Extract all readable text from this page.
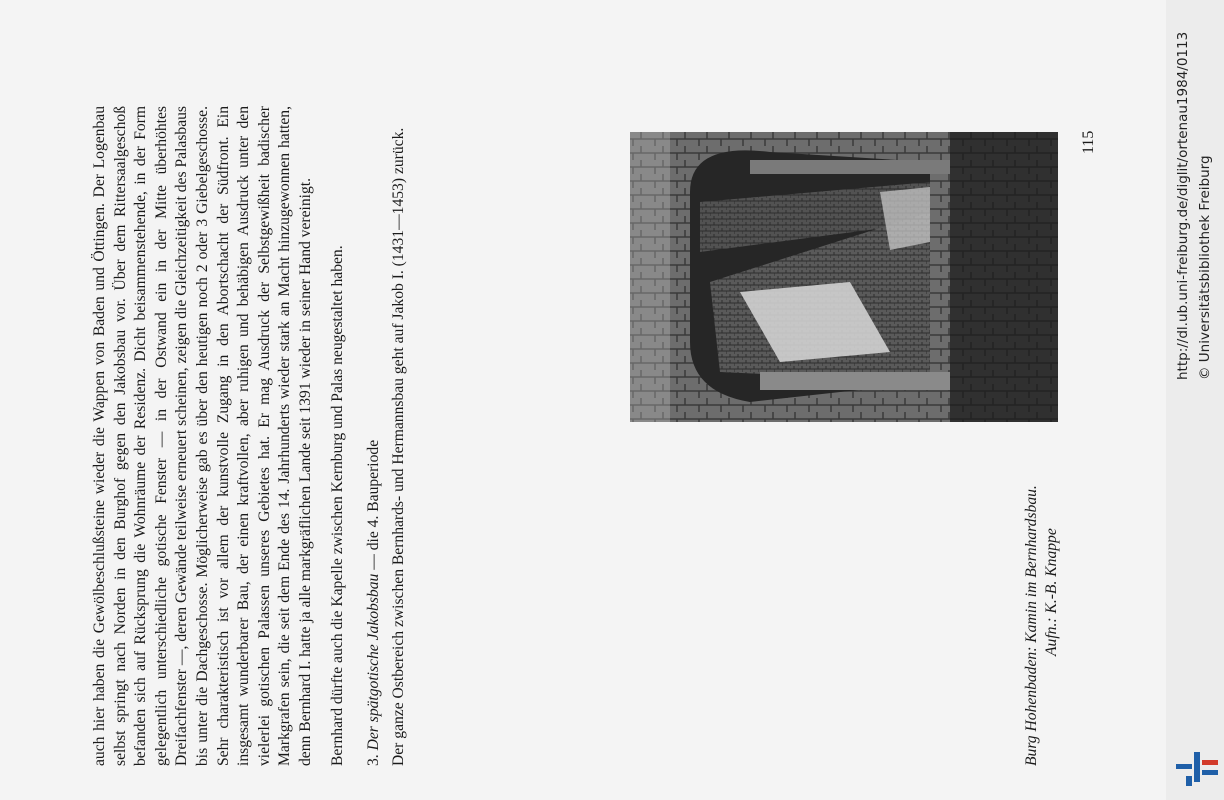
auch hier haben die Gewölbeschlußsteine wieder die Wappen von Baden und Öttingen. Der Logenbau selbst springt nach Norden in den Burghof gegen den Jakobsbau vor. Über dem Rittersaalgeschoß befanden sich auf Rücksprung die Wohnräume der Residenz. Dicht beisammenstehende, in der Form gelegentlich unterschiedliche gotische Fenster — in der Ostwand ein in der Mitte überhöhtes Dreifachfenster —, deren Gewände teilweise erneuert scheinen, zeigen die Gleichzeitigkeit des Palasbaus bis unter die Dachgeschosse. Möglicherweise gab es über den heutigen noch 2 oder 3 Giebelgeschosse. Sehr charakteristisch ist vor allem der kunstvolle Zugang in den Abortschacht der Südfront. Ein insgesamt wunderbarer Bau, der einen kraftvollen, aber ruhigen und behäbigen Ausdruck unter den vielerlei gotischen Palassen unseres Gebietes hat. Er mag Ausdruck der Selbstgewißheit badischer Markgrafen sein, die seit dem Ende des 14. Jahrhunderts wieder stark an Macht hinzugewonnen hatten, denn Bernhard I. hatte ja alle markgräflichen Lande seit 1391 wieder in seiner Hand vereinigt. Bernhard dürfte auch die Kapelle zwischen Kernburg und Palas neugestaltet haben. 3. Der spätgotische Jakobsbau — die 4. Bauperiode Der ganze Ostbereich zwischen Bernhards- und Hermannsbau geht auf Jakob I. (1431—1453) zurück.	Burg Hohenbaden: Kamin im Bernhardsbau. Aufn.: K.-B. Knappe
115	http://dl.ub.uni-freiburg.de/diglit/ortenau1984/0113 © Universitätsbibliothek Freiburg
